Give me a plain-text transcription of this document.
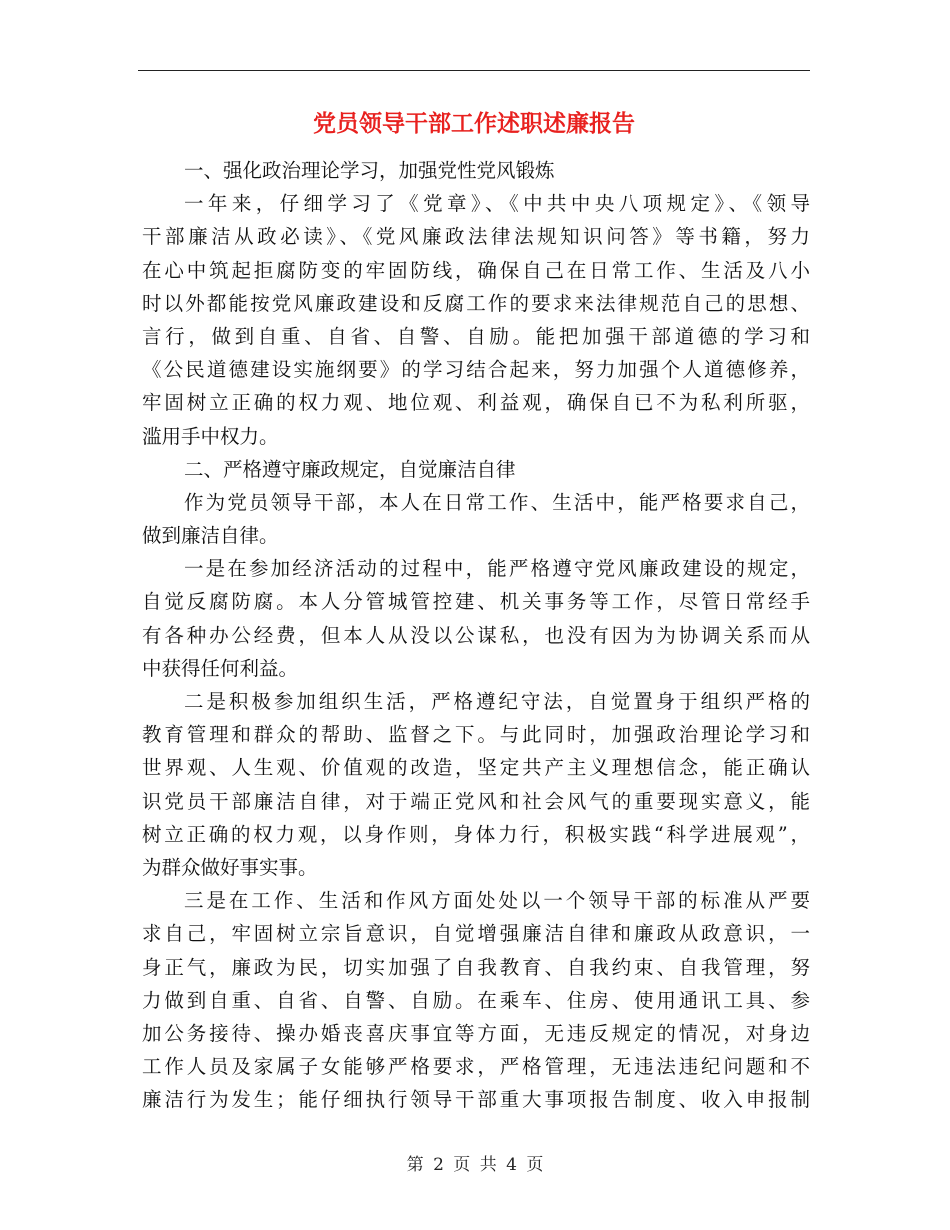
党员领导干部工作述职述廉报告
一、强化政治理论学习，加强党性党风锻炼
一年来，仔细学习了《党章》、《中共中央八项规定》、《领导
干部廉洁从政必读》、《党风廉政法律法规知识问答》等书籍，努力
在心中筑起拒腐防变的牢固防线，确保自己在日常工作、生活及八小
时以外都能按党风廉政建设和反腐工作的要求来法律规范自己的思想、
言行，做到自重、自省、自警、自励。能把加强干部道德的学习和
《公民道德建设实施纲要》的学习结合起来，努力加强个人道德修养，
牢固树立正确的权力观、地位观、利益观，确保自已不为私利所驱，
滥用手中权力。
二、严格遵守廉政规定，自觉廉洁自律
作为党员领导干部，本人在日常工作、生活中，能严格要求自己，
做到廉洁自律。
一是在参加经济活动的过程中，能严格遵守党风廉政建设的规定，
自觉反腐防腐。本人分管城管控建、机关事务等工作，尽管日常经手
有各种办公经费，但本人从没以公谋私，也没有因为为协调关系而从
中获得任何利益。
二是积极参加组织生活，严格遵纪守法，自觉置身于组织严格的
教育管理和群众的帮助、监督之下。与此同时，加强政治理论学习和
世界观、人生观、价值观的改造，坚定共产主义理想信念，能正确认
识党员干部廉洁自律，对于端正党风和社会风气的重要现实意义，能
树立正确的权力观，以身作则，身体力行，积极实践“科学进展观”，
为群众做好事实事。
三是在工作、生活和作风方面处处以一个领导干部的标准从严要
求自己，牢固树立宗旨意识，自觉增强廉洁自律和廉政从政意识，一
身正气，廉政为民，切实加强了自我教育、自我约束、自我管理，努
力做到自重、自省、自警、自励。在乘车、住房、使用通讯工具、参
加公务接待、操办婚丧喜庆事宜等方面，无违反规定的情况，对身边
工作人员及家属子女能够严格要求，严格管理，无违法违纪问题和不
廉洁行为发生；能仔细执行领导干部重大事项报告制度、收入申报制
第 2 页 共 4 页
